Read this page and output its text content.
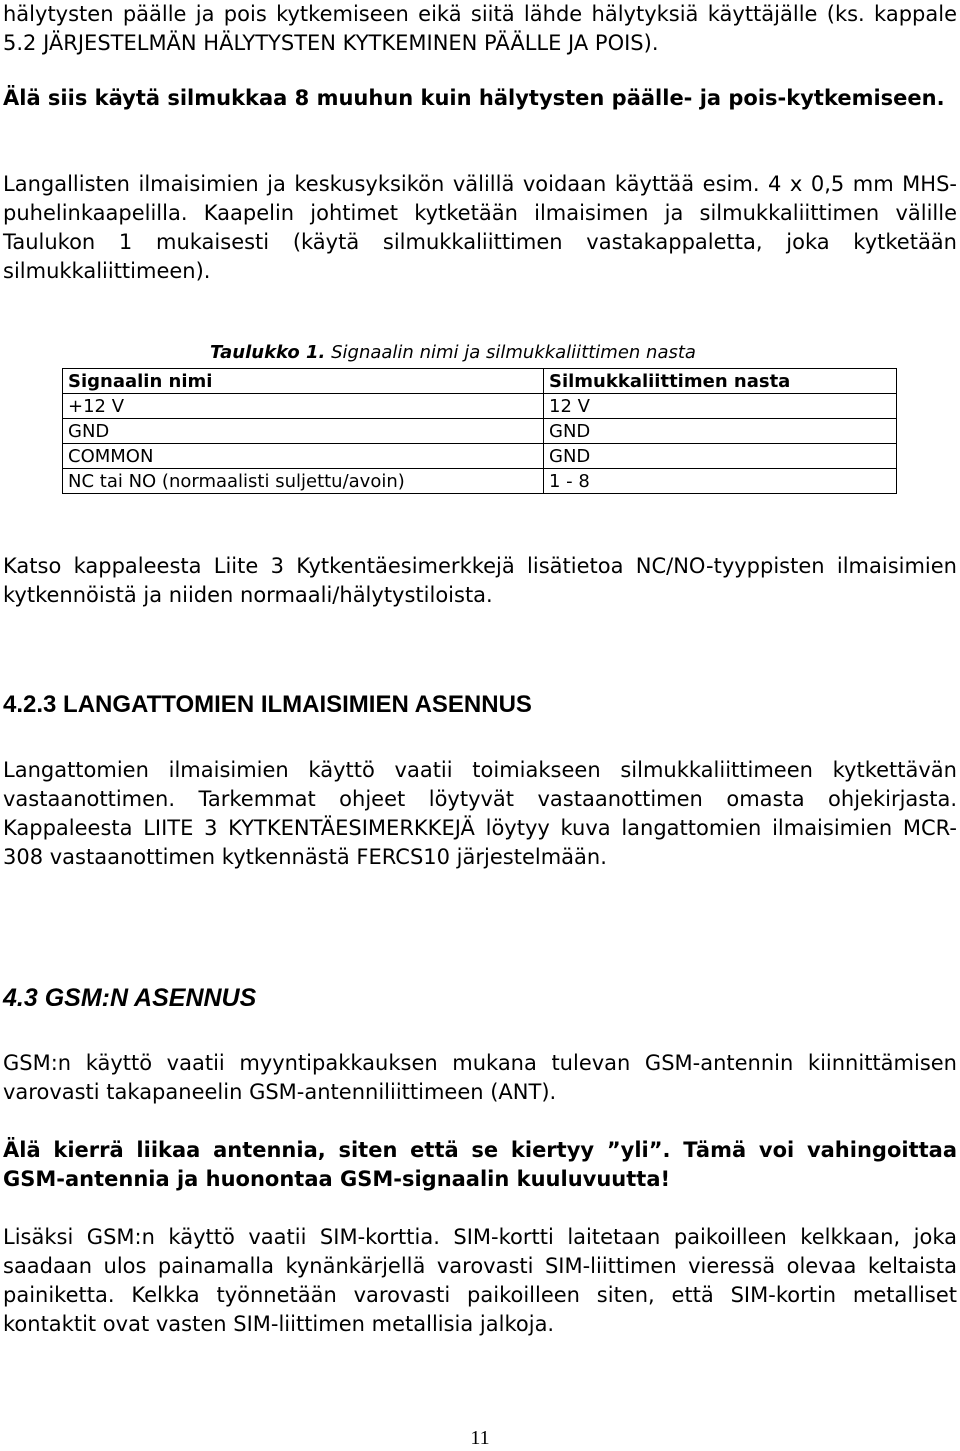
hälytysten päälle ja pois kytkemiseen eikä siitä lähde hälytyksiä käyttäjälle (ks. kappale 5.2 JÄRJESTELMÄN HÄLYTYSTEN KYTKEMINEN PÄÄLLE JA POIS).

Älä siis käytä silmukkaa 8 muuhun kuin hälytysten päälle- ja pois-kytkemiseen.

Langallisten ilmaisimien ja keskusyksikön välillä voidaan käyttää esim. 4 x 0,5 mm MHS-puhelinkaapelilla. Kaapelin johtimet kytketään ilmaisimen ja silmukkaliittimen välille Taulukon 1 mukaisesti (käytä silmukkaliittimen vastakappaletta, joka kytketään silmukkaliittimeen).

Taulukko 1. Signaalin nimi ja silmukkaliittimen nasta
Signaalin nimi	Silmukkaliittimen nasta
+12 V	12 V
GND	GND
COMMON	GND
NC tai NO (normaalisti suljettu/avoin)	1 - 8

Katso kappaleesta Liite 3 Kytkentäesimerkkejä lisätietoa NC/NO-tyyppisten ilmaisimien kytkennöistä ja niiden normaali/hälytystiloista.

4.2.3 LANGATTOMIEN ILMAISIMIEN ASENNUS

Langattomien ilmaisimien käyttö vaatii toimiakseen silmukkaliittimeen kytkettävän vastaanottimen. Tarkemmat ohjeet löytyvät vastaanottimen omasta ohjekirjasta. Kappaleesta LIITE 3 KYTKENTÄESIMERKKEJÄ löytyy kuva langattomien ilmaisimien MCR-308 vastaanottimen kytkennästä FERCS10 järjestelmään.

4.3 GSM:N ASENNUS

GSM:n käyttö vaatii myyntipakkauksen mukana tulevan GSM-antennin kiinnittämisen varovasti takapaneelin GSM-antenniliittimeen (ANT).

Älä kierrä liikaa antennia, siten että se kiertyy ”yli”. Tämä voi vahingoittaa GSM-antennia ja huonontaa GSM-signaalin kuuluvuutta!

Lisäksi GSM:n käyttö vaatii SIM-korttia. SIM-kortti laitetaan paikoilleen kelkkaan, joka saadaan ulos painamalla kynänkärjellä varovasti SIM-liittimen vieressä olevaa keltaista painiketta. Kelkka työnnetään varovasti paikoilleen siten, että SIM-kortin metalliset kontaktit ovat vasten SIM-liittimen metallisia jalkoja.

11
